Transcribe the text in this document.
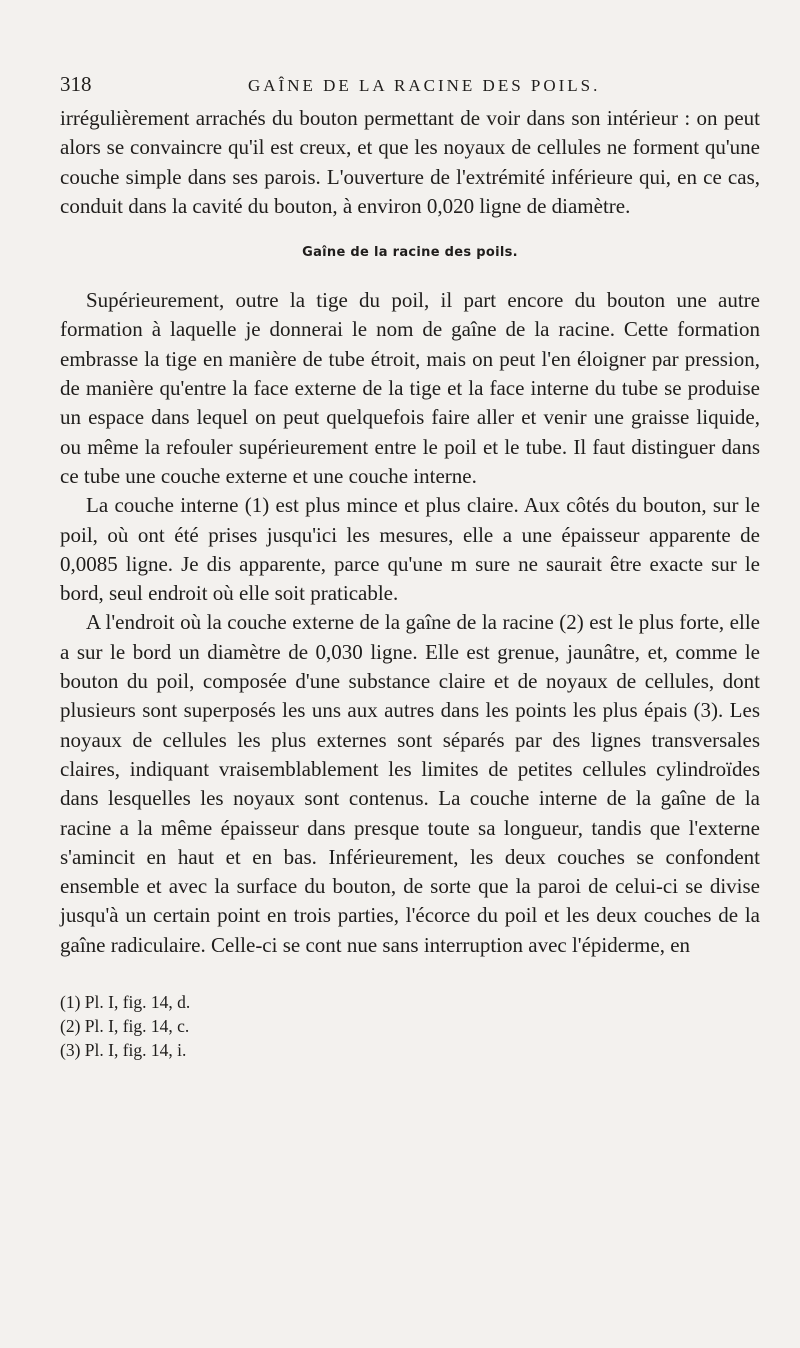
318	GAÎNE DE LA RACINE DES POILS.

irrégulièrement arrachés du bouton permettant de voir dans son intérieur : on peut alors se convaincre qu'il est creux, et que les noyaux de cellules ne forment qu'une couche simple dans ses parois. L'ouverture de l'extrémité inférieure qui, en ce cas, conduit dans la cavité du bouton, à environ 0,020 ligne de diamètre.

Gaîne de la racine des poils.

Supérieurement, outre la tige du poil, il part encore du bouton une autre formation à laquelle je donnerai le nom de gaîne de la racine. Cette formation embrasse la tige en manière de tube étroit, mais on peut l'en éloigner par pression, de manière qu'entre la face externe de la tige et la face interne du tube se produise un espace dans lequel on peut quelquefois faire aller et venir une graisse liquide, ou même la refouler supérieurement entre le poil et le tube. Il faut distinguer dans ce tube une couche externe et une couche interne.

La couche interne (1) est plus mince et plus claire. Aux côtés du bouton, sur le poil, où ont été prises jusqu'ici les mesures, elle a une épaisseur apparente de 0,0085 ligne. Je dis apparente, parce qu'une m sure ne saurait être exacte sur le bord, seul endroit où elle soit praticable.

A l'endroit où la couche externe de la gaîne de la racine (2) est le plus forte, elle a sur le bord un diamètre de 0,030 ligne. Elle est grenue, jaunâtre, et, comme le bouton du poil, composée d'une substance claire et de noyaux de cellules, dont plusieurs sont superposés les uns aux autres dans les points les plus épais (3). Les noyaux de cellules les plus externes sont séparés par des lignes transversales claires, indiquant vraisemblablement les limites de petites cellules cylindroïdes dans lesquelles les noyaux sont contenus. La couche interne de la gaîne de la racine a la même épaisseur dans presque toute sa longueur, tandis que l'externe s'amincit en haut et en bas. Inférieurement, les deux couches se confondent ensemble et avec la surface du bouton, de sorte que la paroi de celui-ci se divise jusqu'à un certain point en trois parties, l'écorce du poil et les deux couches de la gaîne radiculaire. Celle-ci se cont nue sans interruption avec l'épiderme, en

(1) Pl. I, fig. 14, d.

(2) Pl. I, fig. 14, c.

(3) Pl. I, fig. 14, i.
